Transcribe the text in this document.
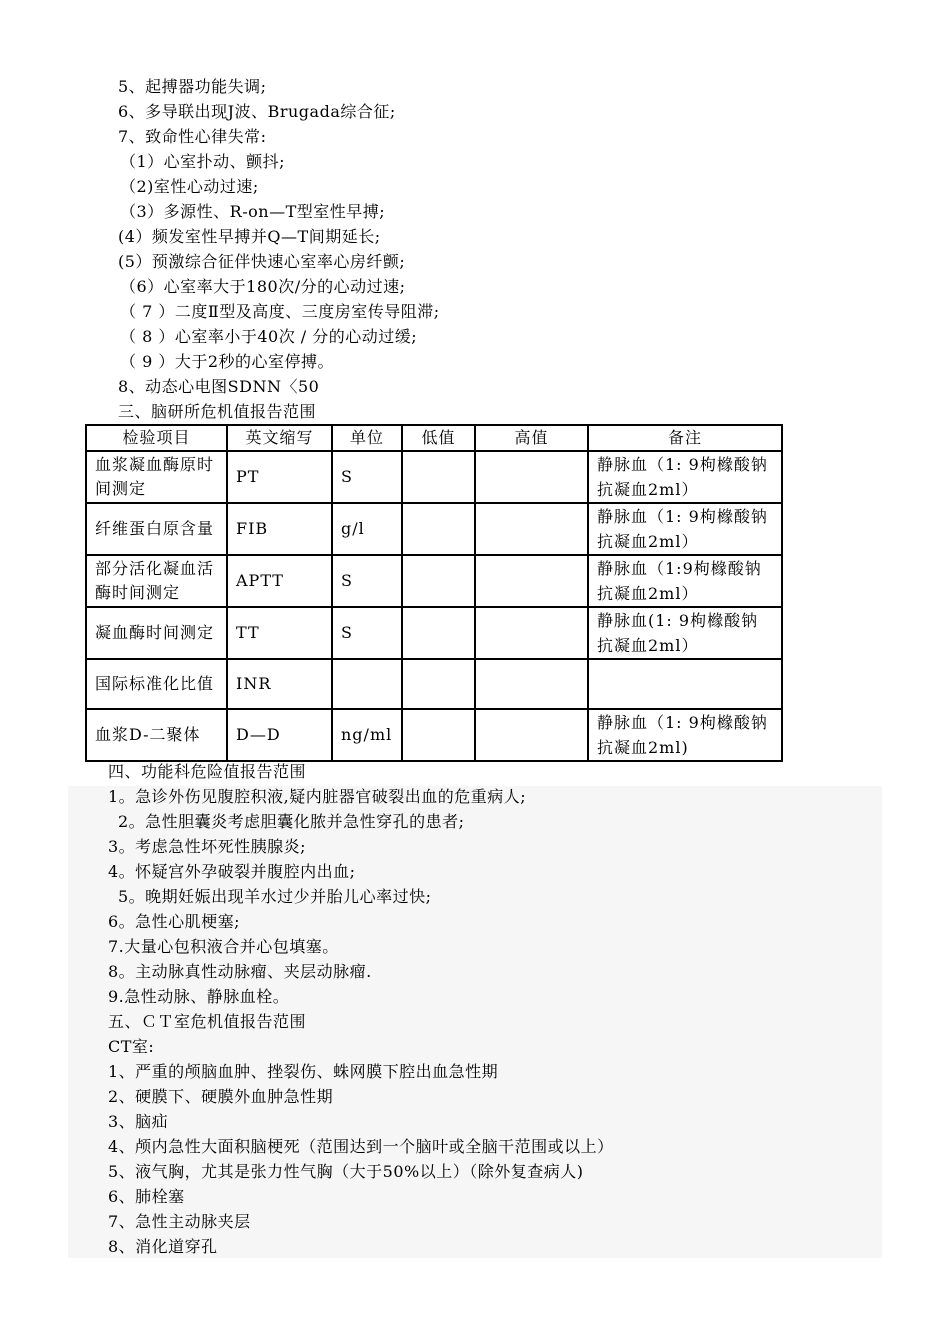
5、起搏器功能失调;
6、多导联出现J波、Brugada综合征;
7、致命性心律失常:
（1）心室扑动、颤抖;
（2)室性心动过速;
（3）多源性、R-on—T型室性早搏;
(4）频发室性早搏并Q—T间期延长;
(5）预激综合征伴快速心室率心房纤颤;
（6）心室率大于180次/分的心动过速;
（ 7 ）二度Ⅱ型及高度、三度房室传导阻滞;
（ 8 ）心室率小于40次 / 分的心动过缓;
（ 9 ）大于2秒的心室停搏。
8、动态心电图SDNN〈50
三、脑研所危机值报告范围
检验项目	英文缩写	单位	低值	高值	备注
血浆凝血酶原时间测定	PT	S			静脉血（1: 9枸橼酸钠抗凝血2ml）
纤维蛋白原含量	FIB	g/l			静脉血（1: 9枸橼酸钠抗凝血2ml）
部分活化凝血活酶时间测定	APTT	S			静脉血（1:9枸橼酸钠抗凝血2ml）
凝血酶时间测定	TT	S			静脉血(1: 9枸橼酸钠抗凝血2ml）
国际标准化比值	INR				
血浆D-二聚体	D—D	ng/ml			静脉血（1: 9枸橼酸钠抗凝血2ml)
四、功能科危险值报告范围
1。急诊外伤见腹腔积液,疑内脏器官破裂出血的危重病人;
2。急性胆囊炎考虑胆囊化脓并急性穿孔的患者;
3。考虑急性坏死性胰腺炎;
4。怀疑宫外孕破裂并腹腔内出血;
5。晚期妊娠出现羊水过少并胎儿心率过快;
6。急性心肌梗塞;
7.大量心包积液合并心包填塞。
8。主动脉真性动脉瘤、夹层动脉瘤.
9.急性动脉、静脉血栓。
五、ＣＴ室危机值报告范围
CT室:
1、严重的颅脑血肿、挫裂伤、蛛网膜下腔出血急性期
2、硬膜下、硬膜外血肿急性期
3、脑疝
4、颅内急性大面积脑梗死（范围达到一个脑叶或全脑干范围或以上）
5、液气胸，尤其是张力性气胸（大于50%以上）（除外复查病人)
6、肺栓塞
7、急性主动脉夹层
8、消化道穿孔
